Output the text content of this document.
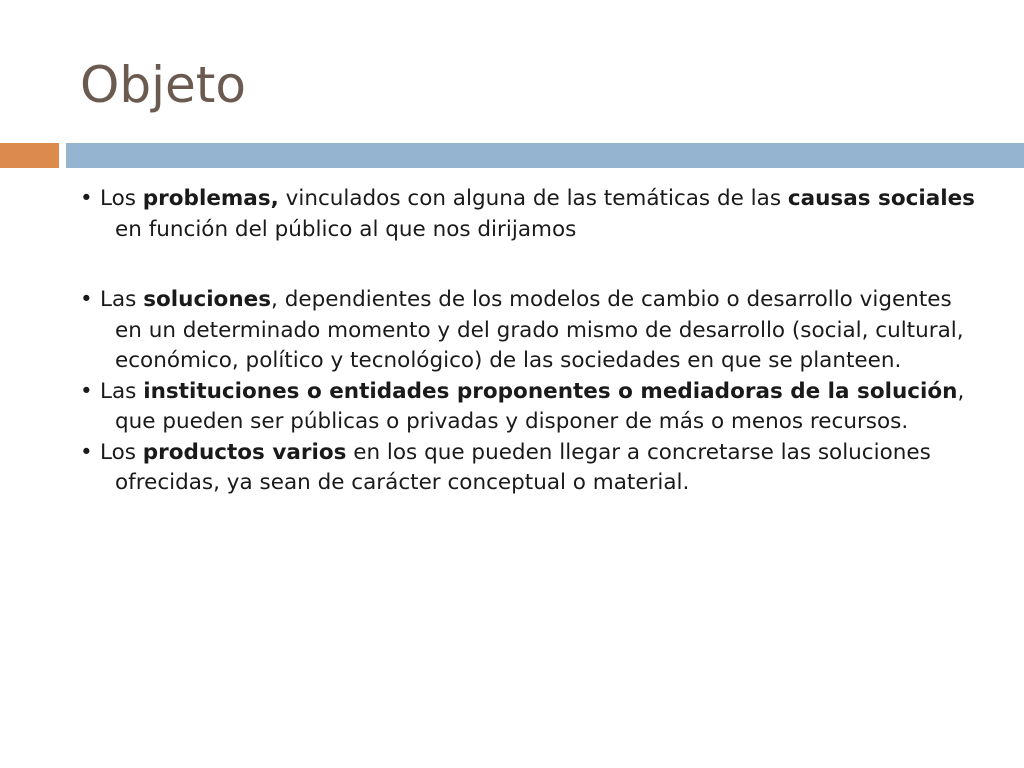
Objeto

• Los problemas, vinculados con alguna de las temáticas de las causas sociales en función del público al que nos dirijamos

• Las soluciones, dependientes de los modelos de cambio o desarrollo vigentes en un determinado momento y del grado mismo de desarrollo (social, cultural, económico, político y tecnológico) de las sociedades en que se planteen.

• Las instituciones o entidades proponentes o mediadoras de la solución, que pueden ser públicas o privadas y disponer de más o menos recursos.

• Los productos varios en los que pueden llegar a concretarse las soluciones ofrecidas, ya sean de carácter conceptual o material.
